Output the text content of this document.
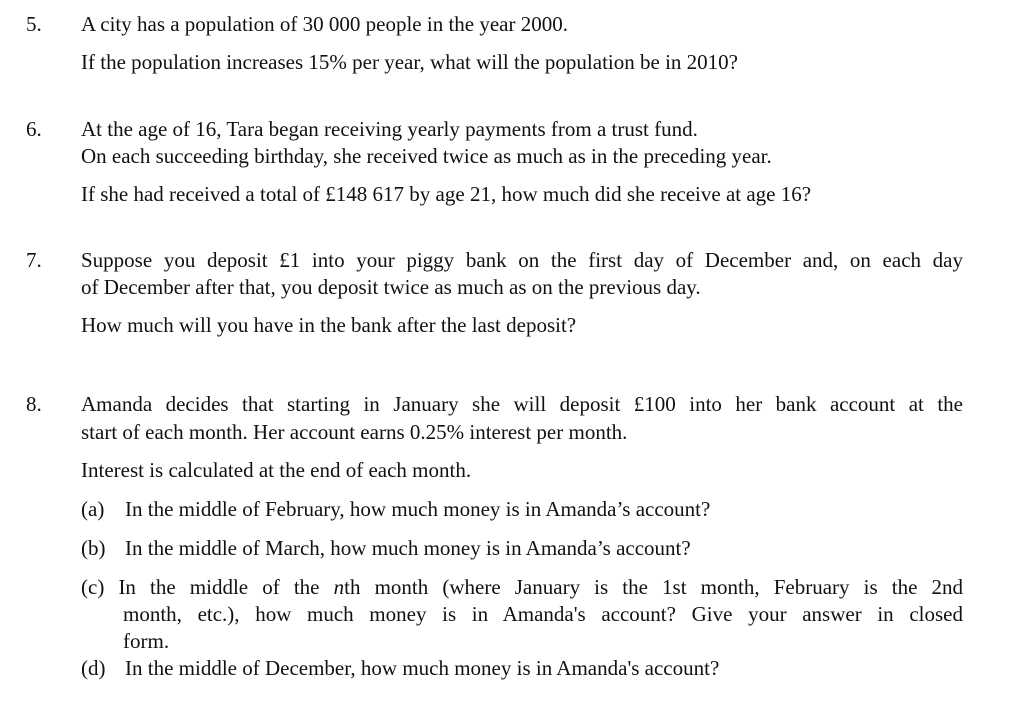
5. A city has a population of 30 000 people in the year 2000.
If the population increases 15% per year, what will the population be in 2010?
6. At the age of 16, Tara began receiving yearly payments from a trust fund.
On each succeeding birthday, she received twice as much as in the preceding year.
If she had received a total of £148 617 by age 21, how much did she receive at age 16?
7. Suppose you deposit £1 into your piggy bank on the first day of December and, on each day
of December after that, you deposit twice as much as on the previous day.
How much will you have in the bank after the last deposit?
8. Amanda decides that starting in January she will deposit £100 into her bank account at the
start of each month. Her account earns 0.25% interest per month.
Interest is calculated at the end of each month.
(a) In the middle of February, how much money is in Amanda’s account?
(b) In the middle of March, how much money is in Amanda’s account?
(c) In the middle of the nth month (where January is the 1st month, February is the 2nd
month, etc.), how much money is in Amanda's account? Give your answer in closed
form.
(d) In the middle of December, how much money is in Amanda's account?
